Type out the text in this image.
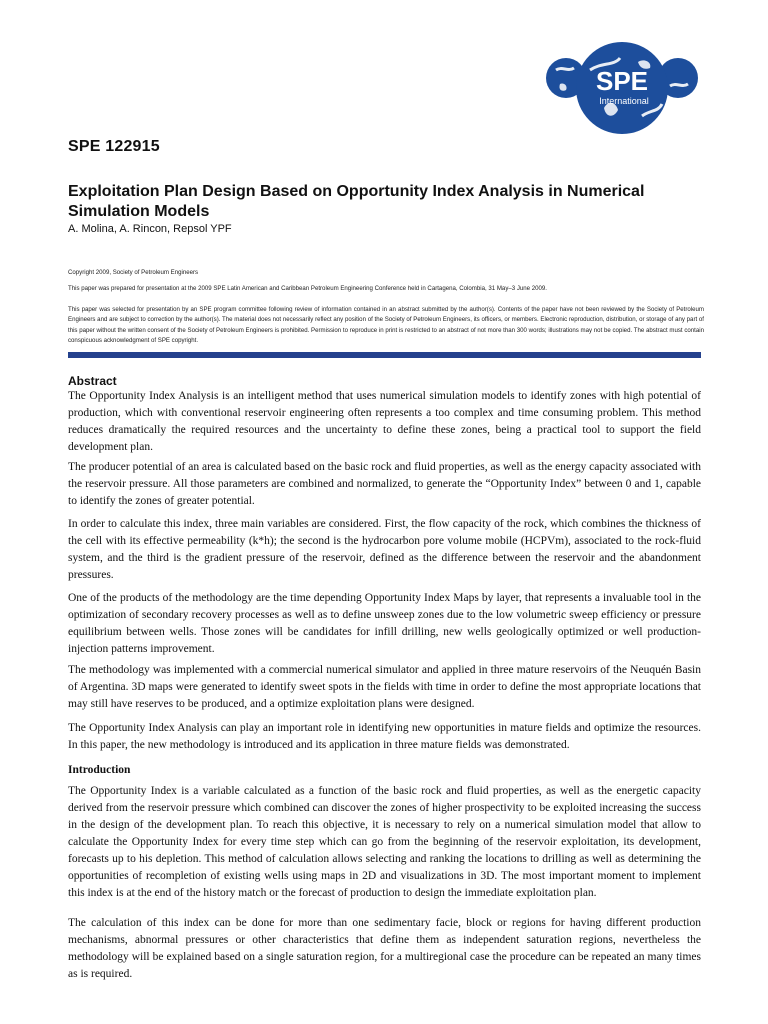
SPE
International
SPE 122915
Exploitation Plan Design Based on Opportunity Index Analysis in Numerical Simulation Models
A. Molina, A. Rincon, Repsol YPF

Copyright 2009, Society of Petroleum Engineers

This paper was prepared for presentation at the 2009 SPE Latin American and Caribbean Petroleum Engineering Conference held in Cartagena, Colombia, 31 May–3 June 2009.

This paper was selected for presentation by an SPE program committee following review of information contained in an abstract submitted by the author(s). Contents of the paper have not been reviewed by the Society of Petroleum Engineers and are subject to correction by the author(s). The material does not necessarily reflect any position of the Society of Petroleum Engineers, its officers, or members. Electronic reproduction, distribution, or storage of any part of this paper without the written consent of the Society of Petroleum Engineers is prohibited. Permission to reproduce in print is restricted to an abstract of not more than 300 words; illustrations may not be copied. The abstract must contain conspicuous acknowledgment of SPE copyright.

Abstract

The Opportunity Index Analysis is an intelligent method that uses numerical simulation models to identify zones with high potential of production, which with conventional reservoir engineering often represents a too complex and time consuming problem. This method reduces dramatically the required resources and the uncertainty to define these zones, being a practical tool to support the field development plan.

The producer potential of an area is calculated based on the basic rock and fluid properties, as well as the energy capacity associated with the reservoir pressure. All those parameters are combined and normalized, to generate the “Opportunity Index” between 0 and 1, capable to identify the zones of greater potential.

In order to calculate this index, three main variables are considered. First, the flow capacity of the rock, which combines the thickness of the cell with its effective permeability (k*h); the second is the hydrocarbon pore volume mobile (HCPVm), associated to the rock-fluid system, and the third is the gradient pressure of the reservoir, defined as the difference between the reservoir and the abandonment pressures.

One of the products of the methodology are the time depending Opportunity Index Maps by layer, that represents a invaluable tool in the optimization of secondary recovery processes as well as to define unsweep zones due to the low volumetric sweep efficiency or pressure equilibrium between wells. Those zones will be candidates for infill drilling, new wells geologically optimized or well production-injection patterns improvement.

The methodology was implemented with a commercial numerical simulator and applied in three mature reservoirs of the Neuquén Basin of Argentina. 3D maps were generated to identify sweet spots in the fields with time in order to define the most appropriate locations that may still have reserves to be produced, and a optimize exploitation plans were designed.

The Opportunity Index Analysis can play an important role in identifying new opportunities in mature fields and optimize the resources. In this paper, the new methodology is introduced and its application in three mature fields was demonstrated.

Introduction

The Opportunity Index is a variable calculated as a function of the basic rock and fluid properties, as well as the energetic capacity derived from the reservoir pressure which combined can discover the zones of higher prospectivity to be exploited increasing the success in the design of the development plan. To reach this objective, it is necessary to rely on a numerical simulation model that allow to calculate the Opportunity Index for every time step which can go from the beginning of the reservoir exploitation, its development, forecasts up to his depletion. This method of calculation allows selecting and ranking the locations to drilling as well as determining the opportunities of recompletion of existing wells using maps in 2D and visualizations in 3D. The most important moment to implement this index is at the end of the history match or the forecast of production to design the immediate exploitation plan.

The calculation of this index can be done for more than one sedimentary facie, block or regions for having different production mechanisms, abnormal pressures or other characteristics that define them as independent saturation regions, nevertheless the methodology will be explained based on a single saturation region, for a multiregional case the procedure can be repeated an many times as is required.
